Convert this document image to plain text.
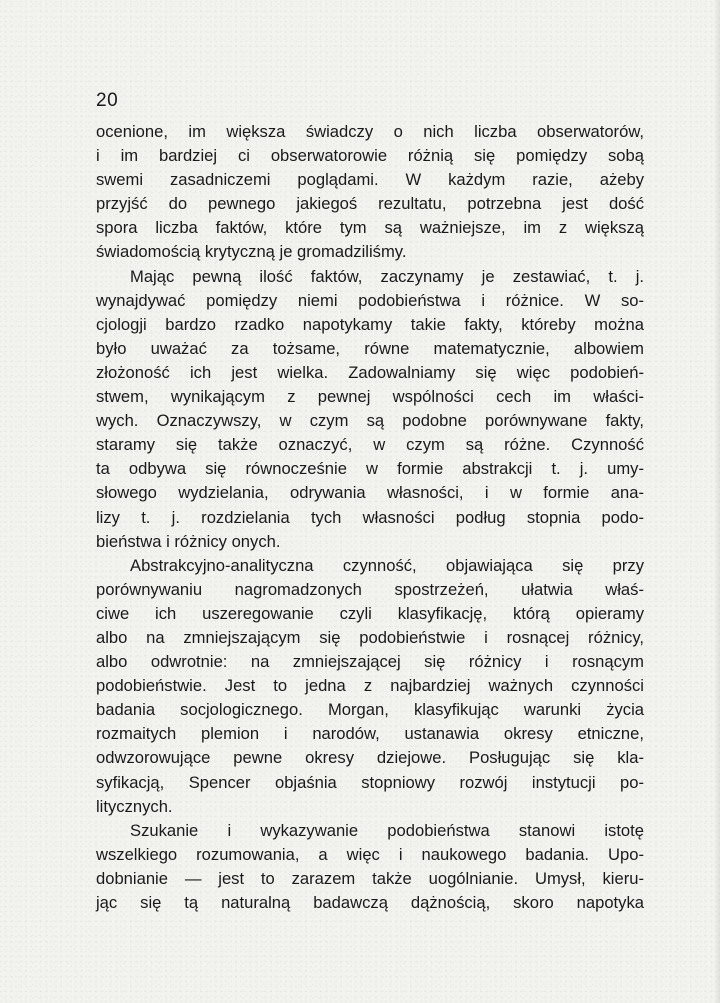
20

ocenione, im większa świadczy o nich liczba obserwatorów,
i im bardziej ci obserwatorowie różnią się pomiędzy sobą
swemi zasadniczemi poglądami. W każdym razie, ażeby
przyjść do pewnego jakiegoś rezultatu, potrzebna jest dość
spora liczba faktów, które tym są ważniejsze, im z większą
świadomością krytyczną je gromadziliśmy.

Mając pewną ilość faktów, zaczynamy je zestawiać, t. j.
wynajdywać pomiędzy niemi podobieństwa i różnice. W so-
cjologji bardzo rzadko napotykamy takie fakty, któreby można
było uważać za tożsame, równe matematycznie, albowiem
złożoność ich jest wielka. Zadowalniamy się więc podobień-
stwem, wynikającym z pewnej wspólności cech im właści-
wych. Oznaczywszy, w czym są podobne porównywane fakty,
staramy się także oznaczyć, w czym są różne. Czynność
ta odbywa się równocześnie w formie abstrakcji t. j. umy-
słowego wydzielania, odrywania własności, i w formie ana-
lizy t. j. rozdzielania tych własności podług stopnia podo-
bieństwa i różnicy onych.

Abstrakcyjno-analityczna czynność, objawiająca się przy
porównywaniu nagromadzonych spostrzeżeń, ułatwia właś-
ciwe ich uszeregowanie czyli klasyfikację, którą opieramy
albo na zmniejszającym się podobieństwie i rosnącej różnicy,
albo odwrotnie: na zmniejszającej się różnicy i rosnącym
podobieństwie. Jest to jedna z najbardziej ważnych czynności
badania socjologicznego. Morgan, klasyfikując warunki życia
rozmaitych plemion i narodów, ustanawia okresy etniczne,
odwzorowujące pewne okresy dziejowe. Posługując się kla-
syfikacją, Spencer objaśnia stopniowy rozwój instytucji po-
litycznych.

Szukanie i wykazywanie podobieństwa stanowi istotę
wszelkiego rozumowania, a więc i naukowego badania. Upo-
dobnianie — jest to zarazem także uogólnianie. Umysł, kieru-
jąc się tą naturalną badawczą dążnością, skoro napotyka
